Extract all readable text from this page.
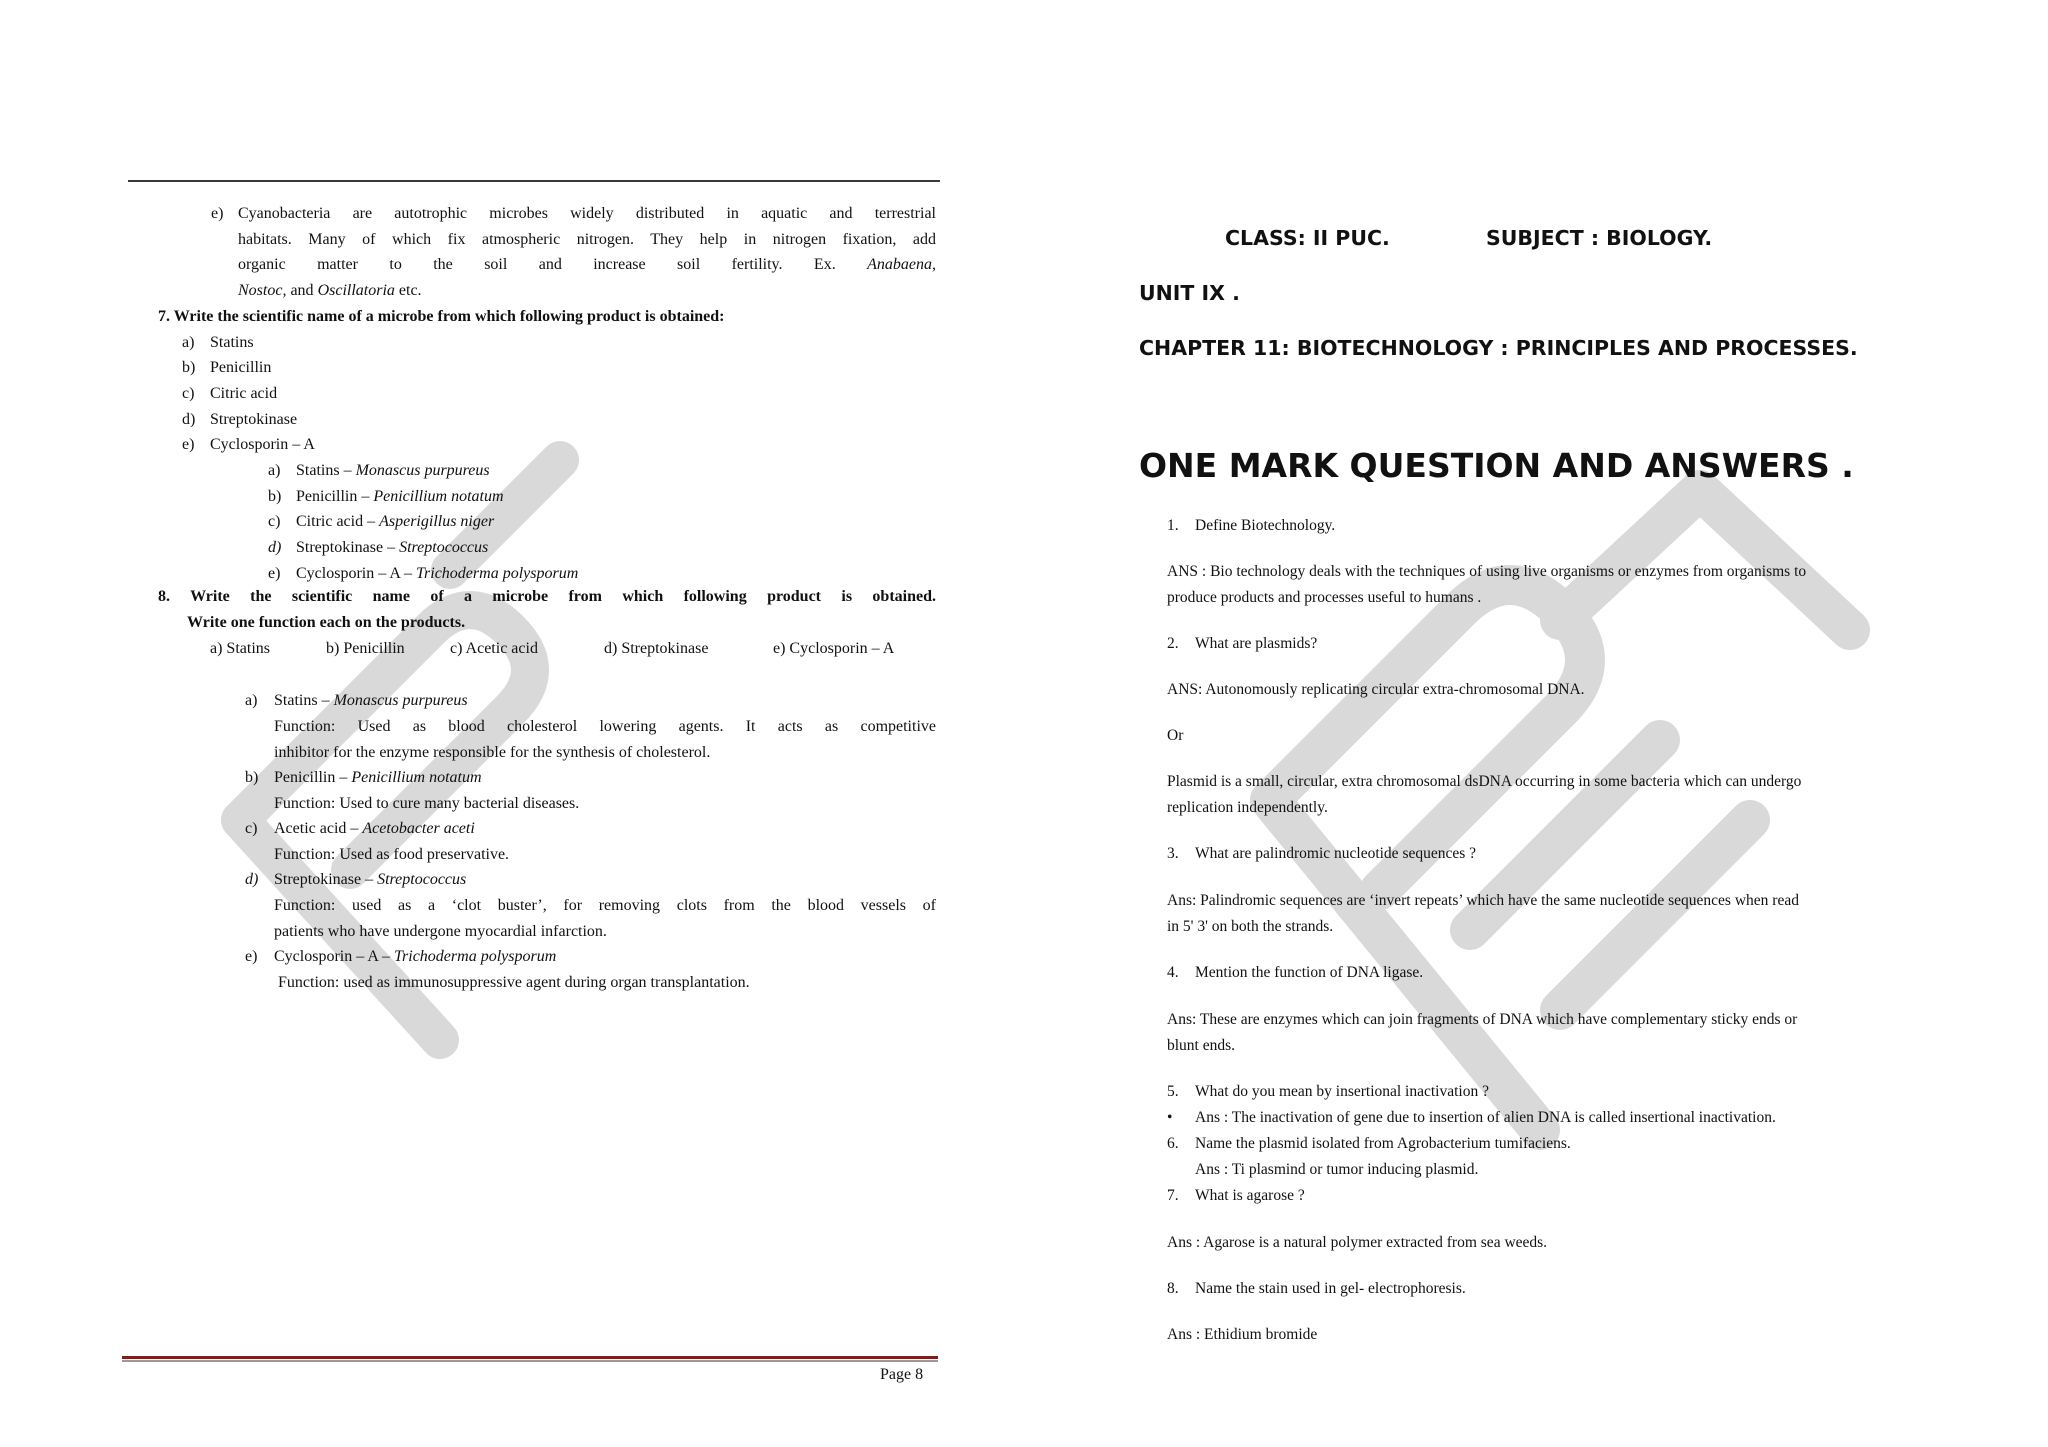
e) Cyanobacteria are autotrophic microbes widely distributed in aquatic and terrestrial
habitats. Many of which fix atmospheric nitrogen. They help in nitrogen fixation, add
organic matter to the soil and increase soil fertility. Ex. Anabaena,
Nostoc, and Oscillatoria etc.
7. Write the scientific name of a microbe from which following product is obtained:
a) Statins
b) Penicillin
c) Citric acid
d) Streptokinase
e) Cyclosporin – A
a) Statins – Monascus purpureus
b) Penicillin – Penicillium notatum
c) Citric acid – Asperigillus niger
d) Streptokinase – Streptococcus
e) Cyclosporin – A – Trichoderma polysporum
8. Write the scientific name of a microbe from which following product is obtained.
Write one function each on the products.
a) Statins	b) Penicillin	c) Acetic acid	d) Streptokinase	e) Cyclosporin – A
a) Statins – Monascus purpureus
Function: Used as blood cholesterol lowering agents. It acts as competitive
inhibitor for the enzyme responsible for the synthesis of cholesterol.
b) Penicillin – Penicillium notatum
Function: Used to cure many bacterial diseases.
c) Acetic acid – Acetobacter aceti
Function: Used as food preservative.
d) Streptokinase – Streptococcus
Function: used as a ‘clot buster’, for removing clots from the blood vessels of
patients who have undergone myocardial infarction.
e) Cyclosporin – A – Trichoderma polysporum
Function: used as immunosuppressive agent during organ transplantation.
Page 8
CLASS: II PUC.	SUBJECT : BIOLOGY.
UNIT IX .
CHAPTER 11: BIOTECHNOLOGY : PRINCIPLES AND PROCESSES.
ONE MARK QUESTION AND ANSWERS .
1. Define Biotechnology.
ANS : Bio technology deals with the techniques of using live organisms or enzymes from organisms to
produce products and processes useful to humans .
2. What are plasmids?
ANS: Autonomously replicating circular extra-chromosomal DNA.
Or
Plasmid is a small, circular, extra chromosomal dsDNA occurring in some bacteria which can undergo
replication independently.
3. What are palindromic nucleotide sequences ?
Ans: Palindromic sequences are ‘invert repeats’ which have the same nucleotide sequences when read
in 5' 3' on both the strands.
4. Mention the function of DNA ligase.
Ans: These are enzymes which can join fragments of DNA which have complementary sticky ends or
blunt ends.
5. What do you mean by insertional inactivation ?
• Ans : The inactivation of gene due to insertion of alien DNA is called insertional inactivation.
6. Name the plasmid isolated from Agrobacterium tumifaciens.
Ans : Ti plasmind or tumor inducing plasmid.
7. What is agarose ?
Ans : Agarose is a natural polymer extracted from sea weeds.
8. Name the stain used in gel- electrophoresis.
Ans : Ethidium bromide
